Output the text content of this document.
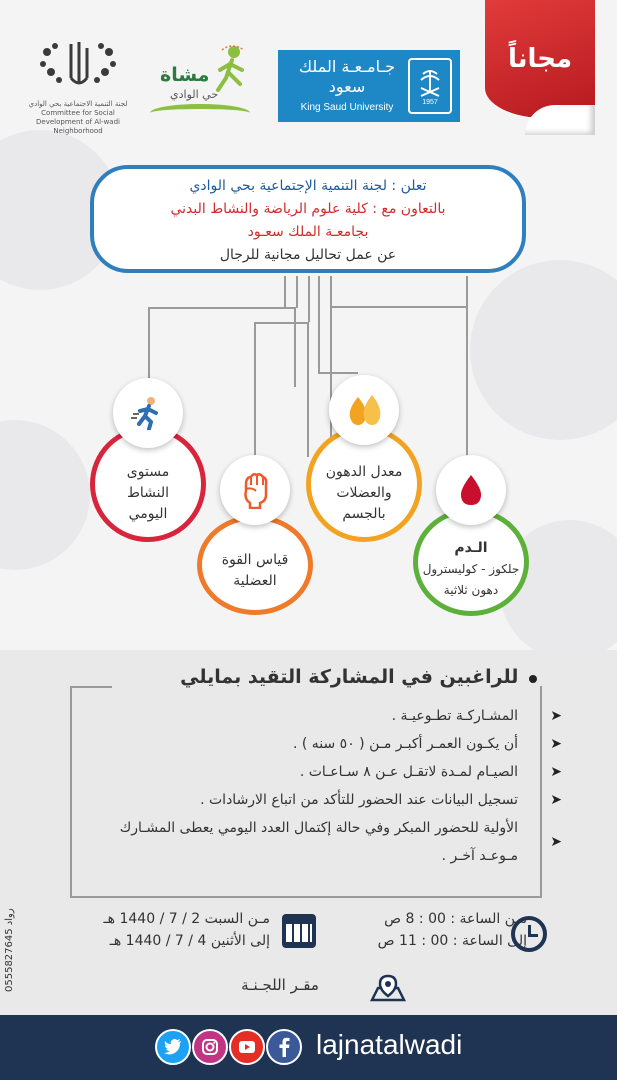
مجاناً
جـامـعـة الملك سعود
King Saud University	1957
مشاة
حي الوادي
لجنة التنمية الاجتماعية بحي الوادي Committee for Social Development of Al-wadi Neighborhood

تعلن : لجنة التنمية الإجتماعية بحي الوادي

بالتعاون مع : كلية علوم الرياضة والنشاط البدني

بجامعـة الملك سعـود

عن عمل تحاليل مجانية للرجال

مستوى
النشاط
اليومي
قياس القوة
العضلية
معدل الدهون
والعضلات
بالجسم
الـدم
جلكوز - كوليسترول
دهون ثلاثية
للراغبين في المشاركة التقيد بمايلي
➤
المشـاركـة تطـوعيـة .
➤
أن يكـون العمـر أكبـر مـن ( ٥٠ سنه ) .
➤
الصيـام لمـدة لاتقـل عـن ٨ سـاعـات .
➤
تسجيل البيانات عند الحضور للتأكد من اتباع الارشادات .
➤
الأولية للحضور المبكر وفي حالة إكتمال العدد اليومي يعطى المشـارك مـوعـد آخـر .
مـن الساعة : 00 : 8 ص
إلى الساعة : 00 : 11 ص
مـن السبت 2 / 7 / 1440 هـ
إلى الأثنين 4 / 7 / 1440 هـ
رواد 0555827645
مقـر اللجـنـة
lajnatalwadi
